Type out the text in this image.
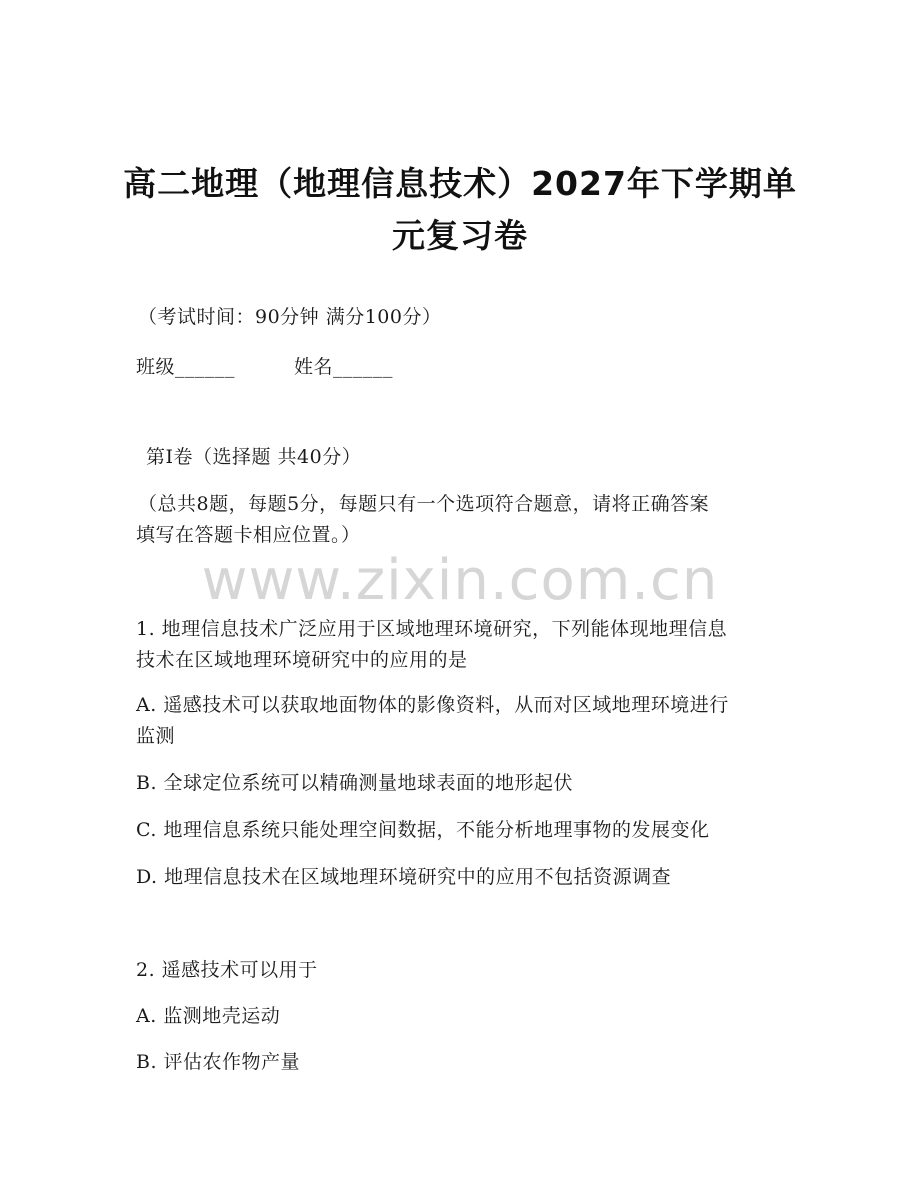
高二地理（地理信息技术）2027年下学期单
元复习卷
（考试时间：90分钟 满分100分）
班级______	姓名______
第Ⅰ卷（选择题 共40分）
（总共8题，每题5分，每题只有一个选项符合题意，请将正确答案
填写在答题卡相应位置。）
www.zixin.com.cn
1. 地理信息技术广泛应用于区域地理环境研究，下列能体现地理信息
技术在区域地理环境研究中的应用的是
A. 遥感技术可以获取地面物体的影像资料，从而对区域地理环境进行
监测
B. 全球定位系统可以精确测量地球表面的地形起伏
C. 地理信息系统只能处理空间数据，不能分析地理事物的发展变化
D. 地理信息技术在区域地理环境研究中的应用不包括资源调查
2. 遥感技术可以用于
A. 监测地壳运动
B. 评估农作物产量
